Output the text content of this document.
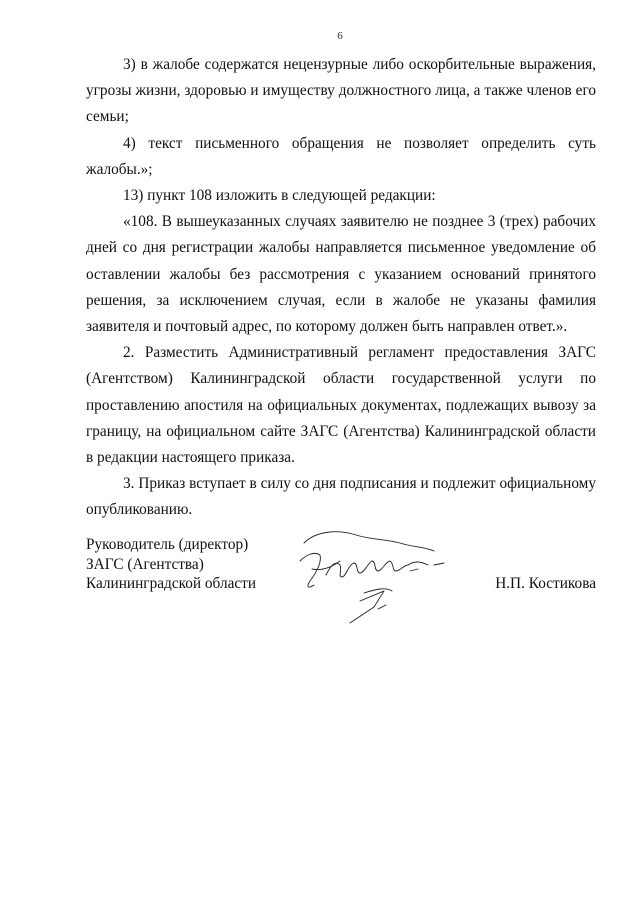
6

3) в жалобе содержатся нецензурные либо оскорбительные выражения, угрозы жизни, здоровью и имуществу должностного лица, а также членов его семьи;

4) текст письменного обращения не позволяет определить суть жалобы.»;

13) пункт 108 изложить в следующей редакции:

«108. В вышеуказанных случаях заявителю не позднее 3 (трех) рабочих дней со дня регистрации жалобы направляется письменное уведомление об оставлении жалобы без рассмотрения с указанием оснований принятого решения, за исключением случая, если в жалобе не указаны фамилия заявителя и почтовый адрес, по которому должен быть направлен ответ.».

2. Разместить Административный регламент предоставления ЗАГС (Агентством) Калининградской области государственной услуги по проставлению апостиля на официальных документах, подлежащих вывозу за границу, на официальном сайте ЗАГС (Агентства) Калининградской области в редакции настоящего приказа.

3. Приказ вступает в силу со дня подписания и подлежит официальному опубликованию.

Руководитель (директор)
ЗАГС (Агентства)
Калининградской области	Н.П. Костикова
